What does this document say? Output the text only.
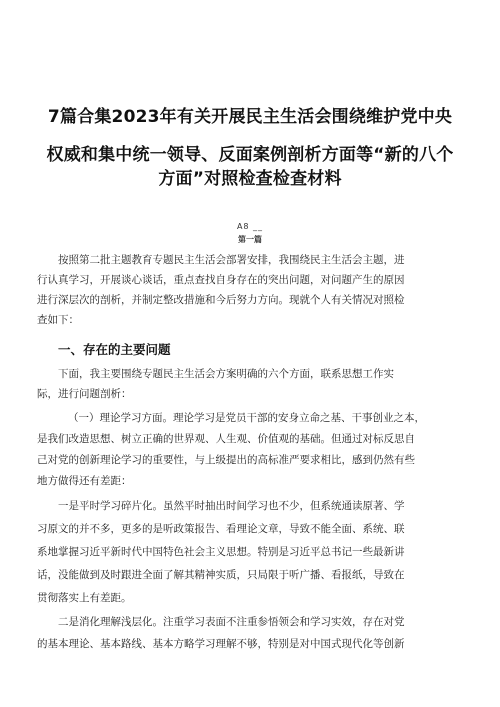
7篇合集2023年有关开展民主生活会围绕维护党中央
权威和集中统一领导、反面案例剖析方面等“新的八个
方面”对照检查检查材料
A8 __
第一篇
按照第二批主题教育专题民主生活会部署安排，我围绕民主生活会主题，进
行认真学习，开展谈心谈话，重点查找自身存在的突出问题，对问题产生的原因
进行深层次的剖析，并制定整改措施和今后努力方向。现就个人有关情况对照检
查如下：
一、存在的主要问题
下面，我主要围绕专题民主生活会方案明确的六个方面，联系思想工作实
际，进行问题剖析：
（一）理论学习方面。理论学习是党员干部的安身立命之基、干事创业之本，
是我们改造思想、树立正确的世界观、人生观、价值观的基础。但通过对标反思自
己对党的创新理论学习的重要性，与上级提出的高标准严要求相比，感到仍然有些
地方做得还有差距：
一是平时学习碎片化。虽然平时抽出时间学习也不少，但系统通读原著、学
习原文的并不多，更多的是听政策报告、看理论文章，导致不能全面、系统、联
系地掌握习近平新时代中国特色社会主义思想。特别是习近平总书记一些最新讲
话，没能做到及时跟进全面了解其精神实质，只局限于听广播、看报纸，导致在
贯彻落实上有差距。
二是消化理解浅层化。注重学习表面不注重参悟领会和学习实效，存在对党
的基本理论、基本路线、基本方略学习理解不够，特别是对中国式现代化等创新
